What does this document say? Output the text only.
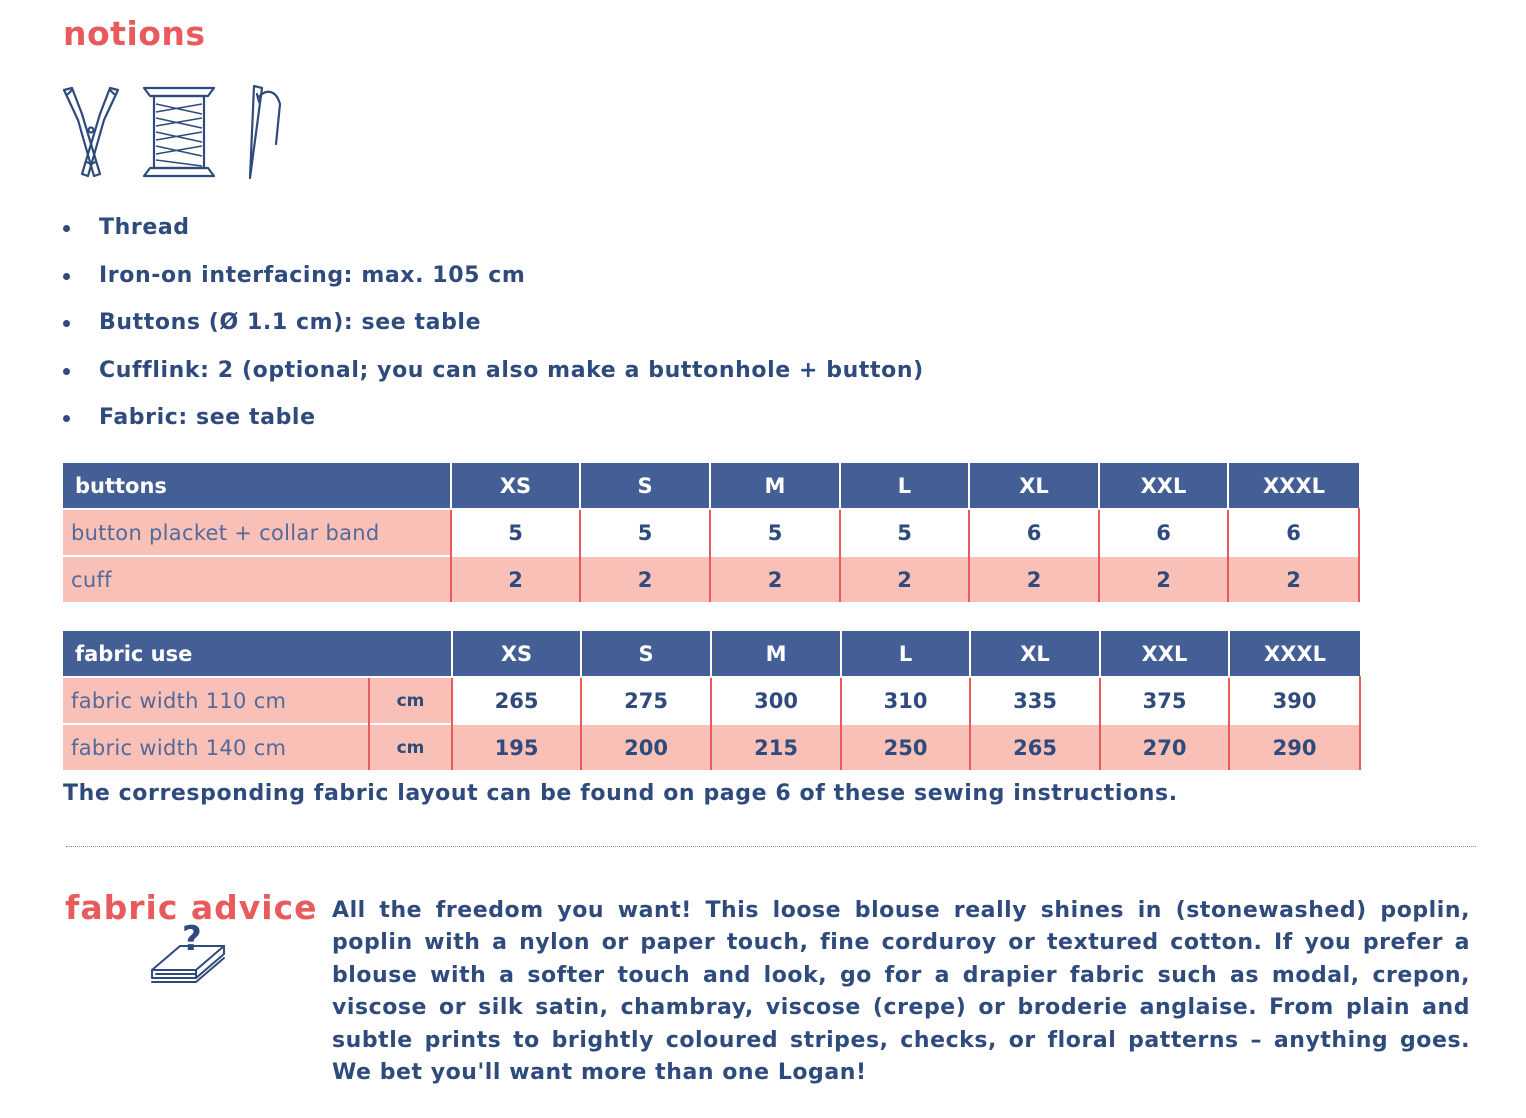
notions
Thread
Iron-on interfacing: max. 105 cm
Buttons (Ø 1.1 cm): see table
Cufflink: 2 (optional; you can also make a buttonhole + button)
Fabric: see table
buttons	XS	S	M	L	XL	XXL	XXXL
button placket + collar band	5	5	5	5	6	6	6
cuff	2	2	2	2	2	2	2
fabric use		XS	S	M	L	XL	XXL	XXXL
fabric width 110 cm	cm	265	275	300	310	335	375	390
fabric width 140 cm	cm	195	200	215	250	265	270	290

The corresponding fabric layout can be found on page 6 of these sewing instructions.

fabric advice
?

All the freedom you want! This loose blouse really shines in (stonewashed) poplin, poplin with a nylon or paper touch, fine corduroy or textured cotton. If you prefer a blouse with a softer touch and look, go for a drapier fabric such as modal, crepon, viscose or silk satin, chambray, viscose (crepe) or broderie anglaise. From plain and subtle prints to brightly coloured stripes, checks, or floral patterns – anything goes. We bet you'll want more than one Logan!
